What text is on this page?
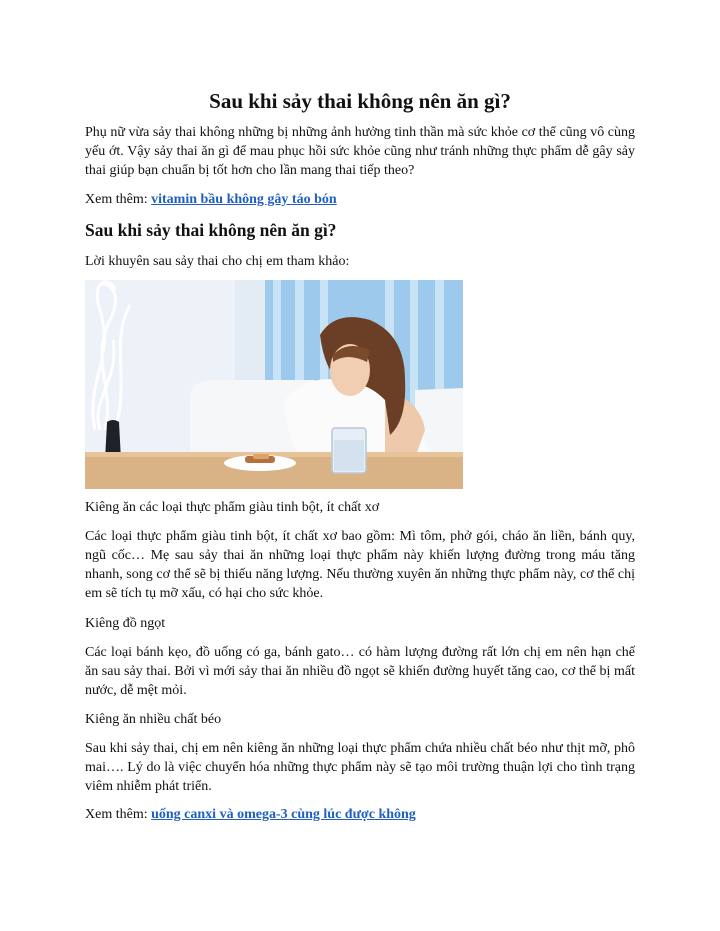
Sau khi sảy thai không nên ăn gì?

Phụ nữ vừa sảy thai không những bị những ảnh hưởng tinh thần mà sức khỏe cơ thể cũng vô cùng yếu ớt. Vậy sảy thai ăn gì để mau phục hồi sức khỏe cũng như tránh những thực phẩm dễ gây sảy thai giúp bạn chuẩn bị tốt hơn cho lần mang thai tiếp theo?

Xem thêm: vitamin bầu không gây táo bón

Sau khi sảy thai không nên ăn gì?

Lời khuyên sau sảy thai cho chị em tham khảo:

Kiêng ăn các loại thực phẩm giàu tinh bột, ít chất xơ

Các loại thực phẩm giàu tinh bột, ít chất xơ bao gồm: Mì tôm, phở gói, cháo ăn liền, bánh quy, ngũ cốc… Mẹ sau sảy thai ăn những loại thực phẩm này khiến lượng đường trong máu tăng nhanh, song cơ thể sẽ bị thiếu năng lượng. Nếu thường xuyên ăn những thực phẩm này, cơ thể chị em sẽ tích tụ mỡ xấu, có hại cho sức khỏe.

Kiêng đồ ngọt

Các loại bánh kẹo, đồ uống có ga, bánh gato… có hàm lượng đường rất lớn chị em nên hạn chế ăn sau sảy thai. Bởi vì mới sảy thai ăn nhiều đồ ngọt sẽ khiến đường huyết tăng cao, cơ thể bị mất nước, dễ mệt mỏi.

Kiêng ăn nhiều chất béo

Sau khi sảy thai, chị em nên kiêng ăn những loại thực phẩm chứa nhiều chất béo như thịt mỡ, phô mai…. Lý do là việc chuyển hóa những thực phẩm này sẽ tạo môi trường thuận lợi cho tình trạng viêm nhiễm phát triển.

Xem thêm: uống canxi và omega-3 cùng lúc được không
